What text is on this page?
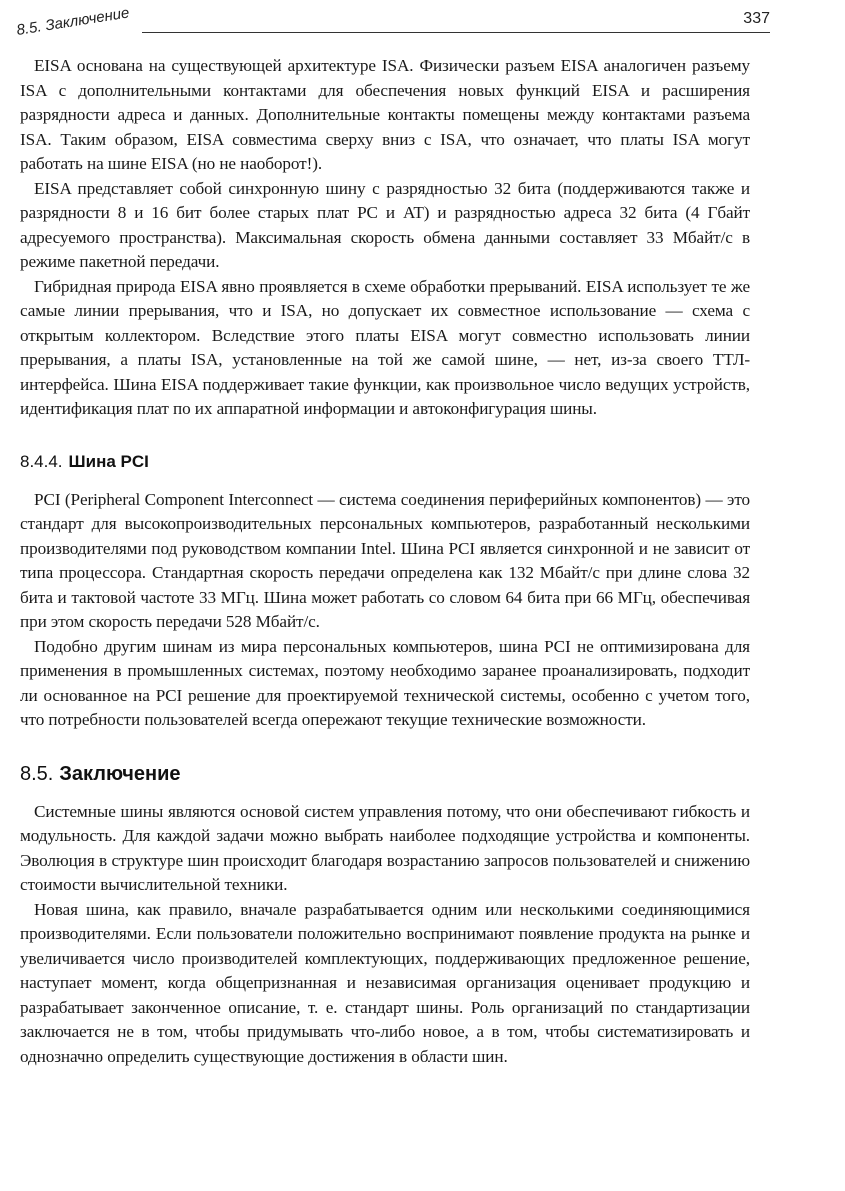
8.5. Заключение	337

EISA основана на существующей архитектуре ISA. Физически разъем EISA аналогичен разъему ISA с дополнительными контактами для обеспечения новых функций EISA и расширения разрядности адреса и данных. Дополнительные контакты помещены между контактами разъема ISA. Таким образом, EISA совместима сверху вниз с ISA, что означает, что платы ISA могут работать на шине EISA (но не наоборот!).

EISA представляет собой синхронную шину с разрядностью 32 бита (поддерживаются также и разрядности 8 и 16 бит более старых плат PC и AT) и разрядностью адреса 32 бита (4 Гбайт адресуемого пространства). Максимальная скорость обмена данными составляет 33 Мбайт/с в режиме пакетной передачи.

Гибридная природа EISA явно проявляется в схеме обработки прерываний. EISA использует те же самые линии прерывания, что и ISA, но допускает их совместное использование — схема с открытым коллектором. Вследствие этого платы EISA могут совместно использовать линии прерывания, а платы ISA, установленные на той же самой шине, — нет, из-за своего ТТЛ-интерфейса. Шина EISA поддерживает такие функции, как произвольное число ведущих устройств, идентификация плат по их аппаратной информации и автоконфигурация шины.

8.4.4. Шина PCI

PCI (Peripheral Component Interconnect — система соединения периферийных компонентов) — это стандарт для высокопроизводительных персональных компьютеров, разработанный несколькими производителями под руководством компании Intel. Шина PCI является синхронной и не зависит от типа процессора. Стандартная скорость передачи определена как 132 Мбайт/с при длине слова 32 бита и тактовой частоте 33 МГц. Шина может работать со словом 64 бита при 66 МГц, обеспечивая при этом скорость передачи 528 Мбайт/с.

Подобно другим шинам из мира персональных компьютеров, шина PCI не оптимизирована для применения в промышленных системах, поэтому необходимо заранее проанализировать, подходит ли основанное на PCI решение для проектируемой технической системы, особенно с учетом того, что потребности пользователей всегда опережают текущие технические возможности.

8.5. Заключение

Системные шины являются основой систем управления потому, что они обеспечивают гибкость и модульность. Для каждой задачи можно выбрать наиболее подходящие устройства и компоненты. Эволюция в структуре шин происходит благодаря возрастанию запросов пользователей и снижению стоимости вычислительной техники.

Новая шина, как правило, вначале разрабатывается одним или несколькими соединяющимися производителями. Если пользователи положительно воспринимают появление продукта на рынке и увеличивается число производителей комплектующих, поддерживающих предложенное решение, наступает момент, когда общепризнанная и независимая организация оценивает продукцию и разрабатывает законченное описание, т. е. стандарт шины. Роль организаций по стандартизации заключается не в том, чтобы придумывать что-либо новое, а в том, чтобы систематизировать и однозначно определить существующие достижения в области шин.
